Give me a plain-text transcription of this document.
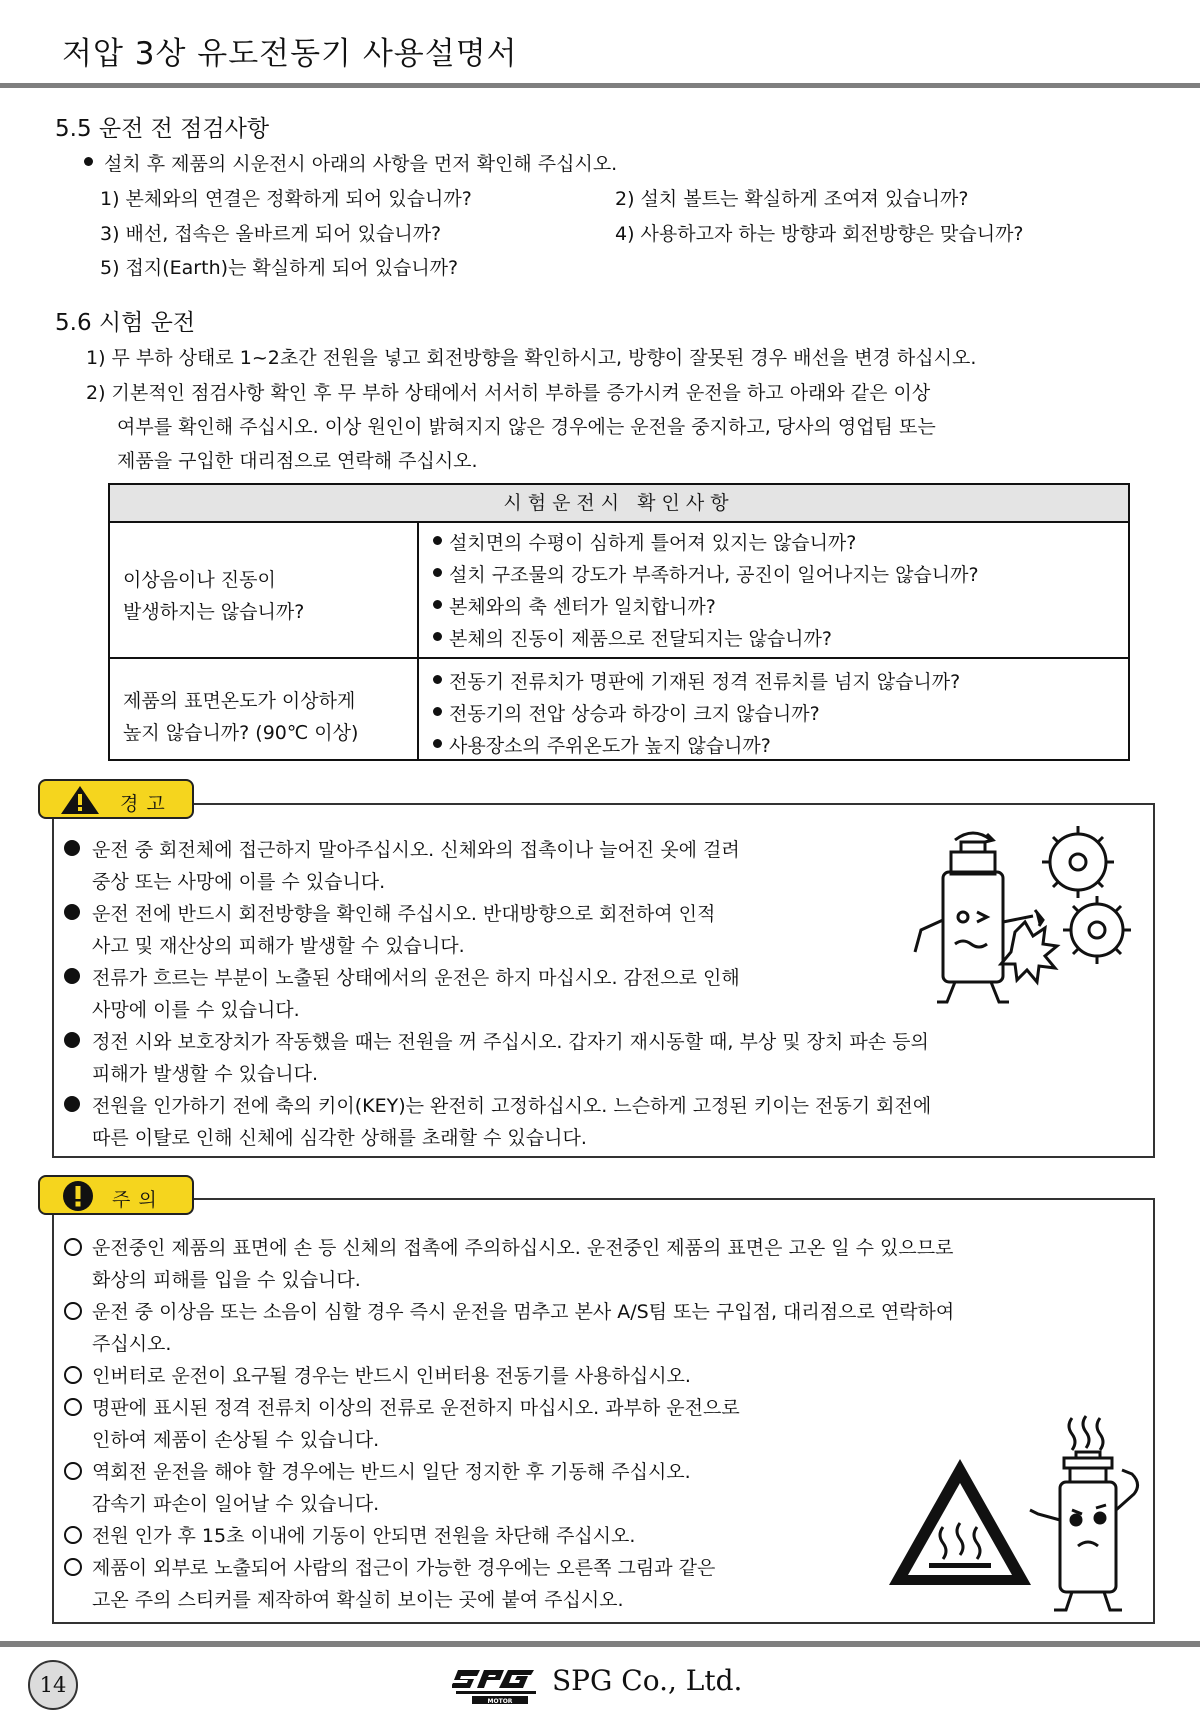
저압 3상 유도전동기 사용설명서
5.5 운전 전 점검사항
설치 후 제품의 시운전시 아래의 사항을 먼저 확인해 주십시오.
1) 본체와의 연결은 정확하게 되어 있습니까?	2) 설치 볼트는 확실하게 조여져 있습니까?
3) 배선, 접속은 올바르게 되어 있습니까?	4) 사용하고자 하는 방향과 회전방향은 맞습니까?
5) 접지(Earth)는 확실하게 되어 있습니까?
5.6 시험 운전
1) 무 부하 상태로 1~2초간 전원을 넣고 회전방향을 확인하시고, 방향이 잘못된 경우 배선을 변경 하십시오.
2) 기본적인 점검사항 확인 후 무 부하 상태에서 서서히 부하를 증가시켜 운전을 하고 아래와 같은 이상
여부를 확인해 주십시오. 이상 원인이 밝혀지지 않은 경우에는 운전을 중지하고, 당사의 영업팀 또는
제품을 구입한 대리점으로 연락해 주십시오.
시험운전시 확인사항
이상음이나 진동이
발생하지는 않습니까?
설치면의 수평이 심하게 틀어져 있지는 않습니까?
설치 구조물의 강도가 부족하거나, 공진이 일어나지는 않습니까?
본체와의 축 센터가 일치합니까?
본체의 진동이 제품으로 전달되지는 않습니까?
제품의 표면온도가 이상하게
높지 않습니까? (90℃ 이상)
전동기 전류치가 명판에 기재된 정격 전류치를 넘지 않습니까?
전동기의 전압 상승과 하강이 크지 않습니까?
사용장소의 주위온도가 높지 않습니까?
경고
운전 중 회전체에 접근하지 말아주십시오. 신체와의 접촉이나 늘어진 옷에 걸려
중상 또는 사망에 이를 수 있습니다.
운전 전에 반드시 회전방향을 확인해 주십시오. 반대방향으로 회전하여 인적
사고 및 재산상의 피해가 발생할 수 있습니다.
전류가 흐르는 부분이 노출된 상태에서의 운전은 하지 마십시오. 감전으로 인해
사망에 이를 수 있습니다.
정전 시와 보호장치가 작동했을 때는 전원을 꺼 주십시오. 갑자기 재시동할 때, 부상 및 장치 파손 등의
피해가 발생할 수 있습니다.
전원을 인가하기 전에 축의 키이(KEY)는 완전히 고정하십시오. 느슨하게 고정된 키이는 전동기 회전에
따른 이탈로 인해 신체에 심각한 상해를 초래할 수 있습니다.
주의
운전중인 제품의 표면에 손 등 신체의 접촉에 주의하십시오. 운전중인 제품의 표면은 고온 일 수 있으므로
화상의 피해를 입을 수 있습니다.
운전 중 이상음 또는 소음이 심할 경우 즉시 운전을 멈추고 본사 A/S팀 또는 구입점, 대리점으로 연락하여
주십시오.
인버터로 운전이 요구될 경우는 반드시 인버터용 전동기를 사용하십시오.
명판에 표시된 정격 전류치 이상의 전류로 운전하지 마십시오. 과부하 운전으로
인하여 제품이 손상될 수 있습니다.
역회전 운전을 해야 할 경우에는 반드시 일단 정지한 후 기동해 주십시오.
감속기 파손이 일어날 수 있습니다.
전원 인가 후 15초 이내에 기동이 안되면 전원을 차단해 주십시오.
제품이 외부로 노출되어 사람의 접근이 가능한 경우에는 오른쪽 그림과 같은
고온 주의 스티커를 제작하여 확실히 보이는 곳에 붙여 주십시오.
14
MOTOR
SPG Co., Ltd.
